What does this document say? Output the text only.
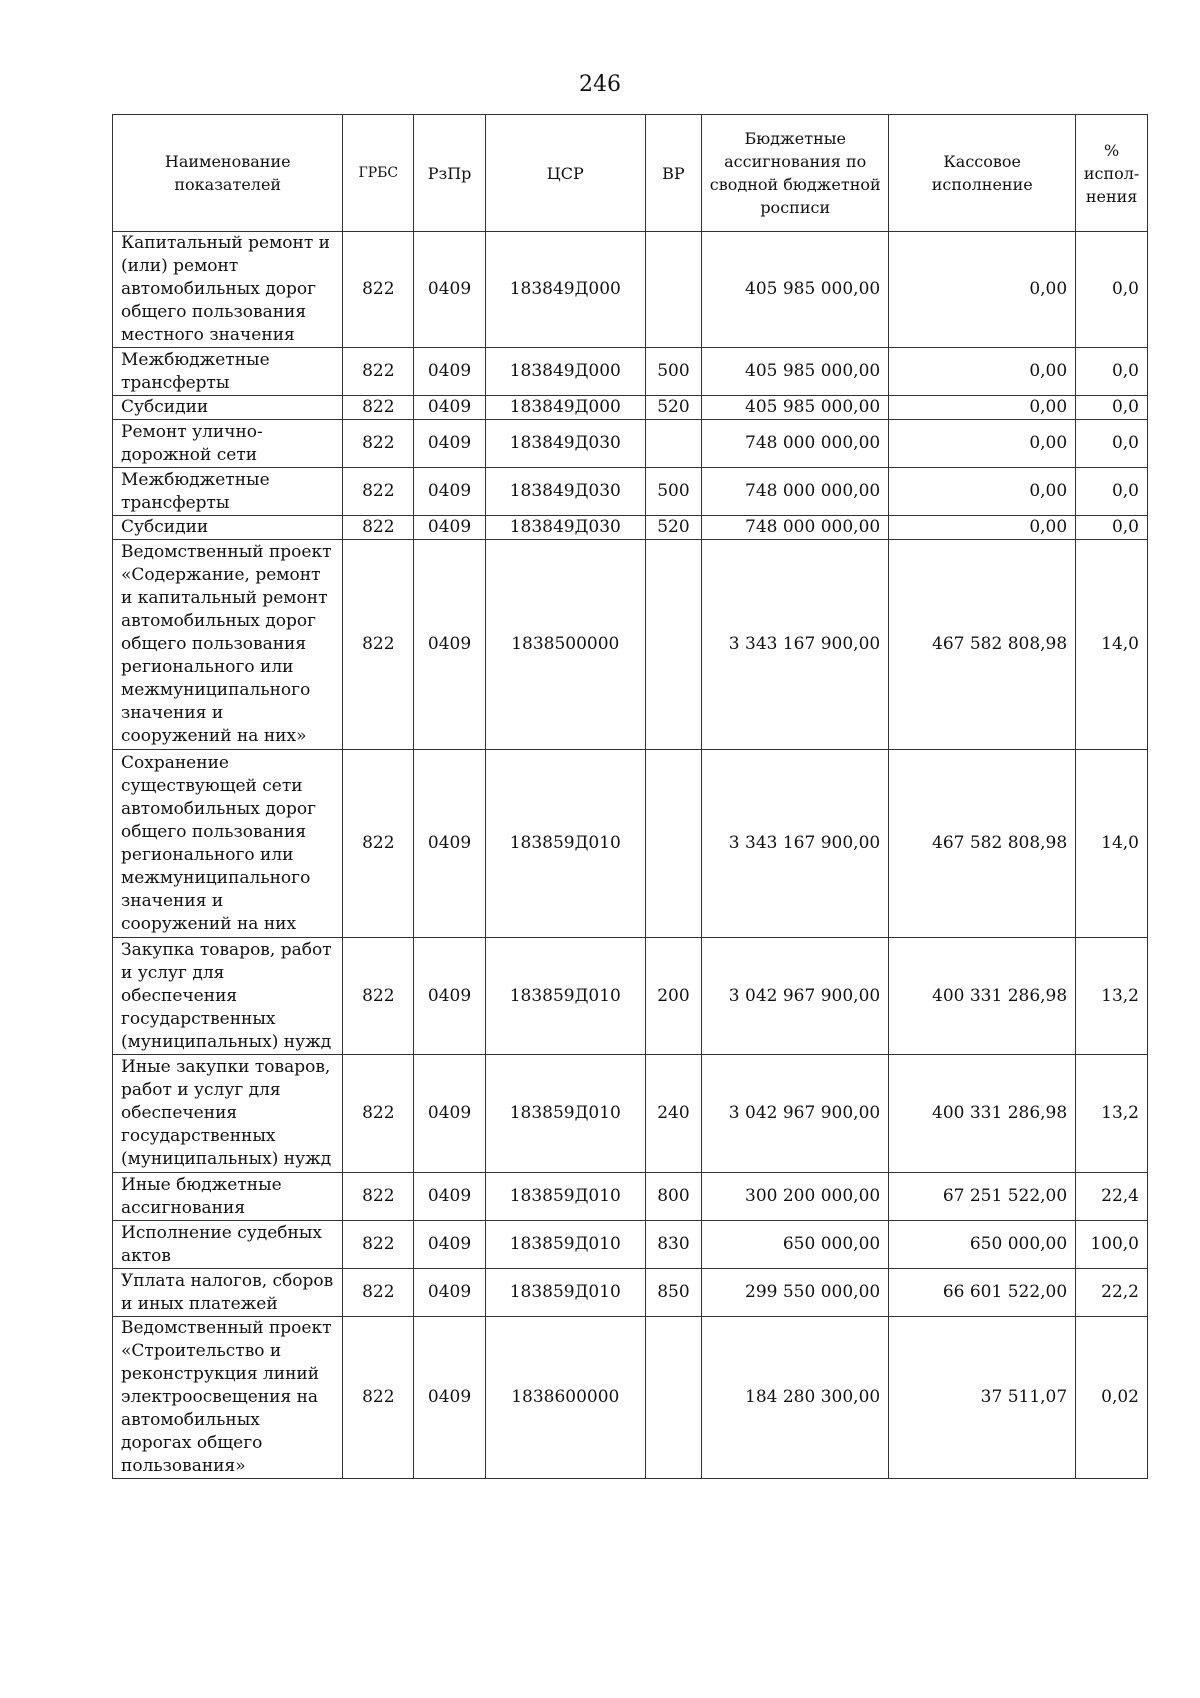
246
Наименование показателей	ГРБС	РзПр	ЦСР	ВР	Бюджетные ассигнования по сводной бюджетной росписи	Кассовое исполнение	% испол-нения
Капитальный ремонт и (или) ремонт автомобильных дорог общего пользования местного значения	822	0409	183849Д000		405 985 000,00	0,00	0,0
Межбюджетные трансферты	822	0409	183849Д000	500	405 985 000,00	0,00	0,0
Субсидии	822	0409	183849Д000	520	405 985 000,00	0,00	0,0
Ремонт улично-дорожной сети	822	0409	183849Д030		748 000 000,00	0,00	0,0
Межбюджетные трансферты	822	0409	183849Д030	500	748 000 000,00	0,00	0,0
Субсидии	822	0409	183849Д030	520	748 000 000,00	0,00	0,0
Ведомственный проект «Содержание, ремонт и капитальный ремонт автомобильных дорог общего пользования регионального или межмуниципального значения и сооружений на них»	822	0409	1838500000		3 343 167 900,00	467 582 808,98	14,0
Сохранение существующей сети автомобильных дорог общего пользования регионального или межмуниципального значения и сооружений на них	822	0409	183859Д010		3 343 167 900,00	467 582 808,98	14,0
Закупка товаров, работ и услуг для обеспечения государственных (муниципальных) нужд	822	0409	183859Д010	200	3 042 967 900,00	400 331 286,98	13,2
Иные закупки товаров, работ и услуг для обеспечения государственных (муниципальных) нужд	822	0409	183859Д010	240	3 042 967 900,00	400 331 286,98	13,2
Иные бюджетные ассигнования	822	0409	183859Д010	800	300 200 000,00	67 251 522,00	22,4
Исполнение судебных актов	822	0409	183859Д010	830	650 000,00	650 000,00	100,0
Уплата налогов, сборов и иных платежей	822	0409	183859Д010	850	299 550 000,00	66 601 522,00	22,2
Ведомственный проект «Строительство и реконструкция линий электроосвещения на автомобильных дорогах общего пользования»	822	0409	1838600000		184 280 300,00	37 511,07	0,02
